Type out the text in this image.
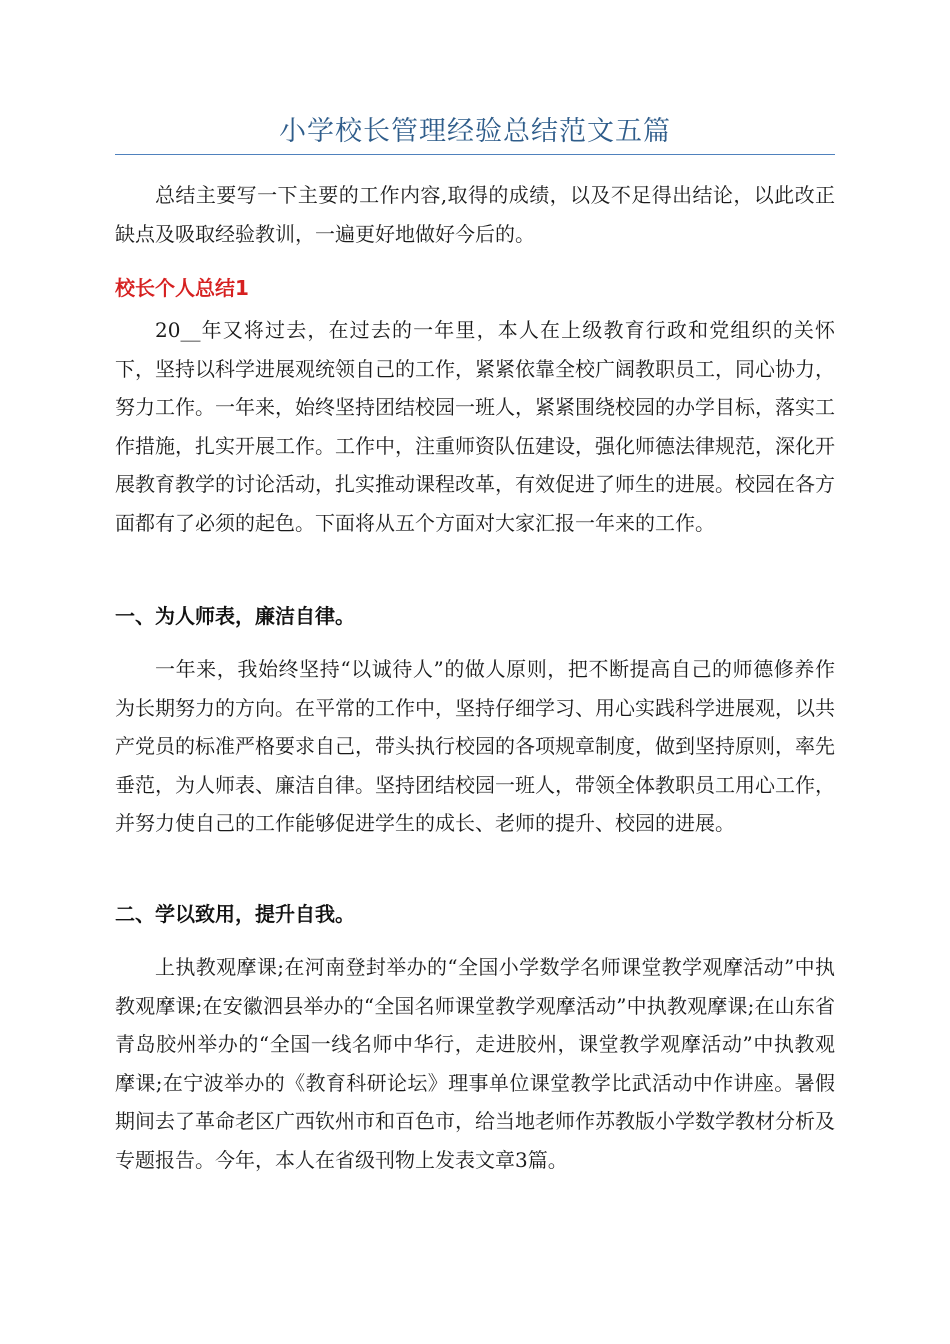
小学校长管理经验总结范文五篇

总结主要写一下主要的工作内容,取得的成绩，以及不足得出结论，以此改正缺点及吸取经验教训，一遍更好地做好今后的。

校长个人总结1

20__年又将过去，在过去的一年里，本人在上级教育行政和党组织的关怀下，坚持以科学进展观统领自己的工作，紧紧依靠全校广阔教职员工，同心协力，努力工作。一年来，始终坚持团结校园一班人，紧紧围绕校园的办学目标，落实工作措施，扎实开展工作。工作中，注重师资队伍建设，强化师德法律规范，深化开展教育教学的讨论活动，扎实推动课程改革，有效促进了师生的进展。校园在各方面都有了必须的起色。下面将从五个方面对大家汇报一年来的工作。

一、为人师表，廉洁自律。

一年来，我始终坚持“以诚待人”的做人原则，把不断提高自己的师德修养作为长期努力的方向。在平常的工作中，坚持仔细学习、用心实践科学进展观，以共产党员的标准严格要求自己，带头执行校园的各项规章制度，做到坚持原则，率先垂范，为人师表、廉洁自律。坚持团结校园一班人，带领全体教职员工用心工作，并努力使自己的工作能够促进学生的成长、老师的提升、校园的进展。

二、学以致用，提升自我。

上执教观摩课;在河南登封举办的“全国小学数学名师课堂教学观摩活动”中执教观摩课;在安徽泗县举办的“全国名师课堂教学观摩活动”中执教观摩课;在山东省青岛胶州举办的“全国一线名师中华行，走进胶州，课堂教学观摩活动”中执教观摩课;在宁波举办的《教育科研论坛》理事单位课堂教学比武活动中作讲座。暑假期间去了革命老区广西钦州市和百色市，给当地老师作苏教版小学数学教材分析及专题报告。今年，本人在省级刊物上发表文章3篇。
